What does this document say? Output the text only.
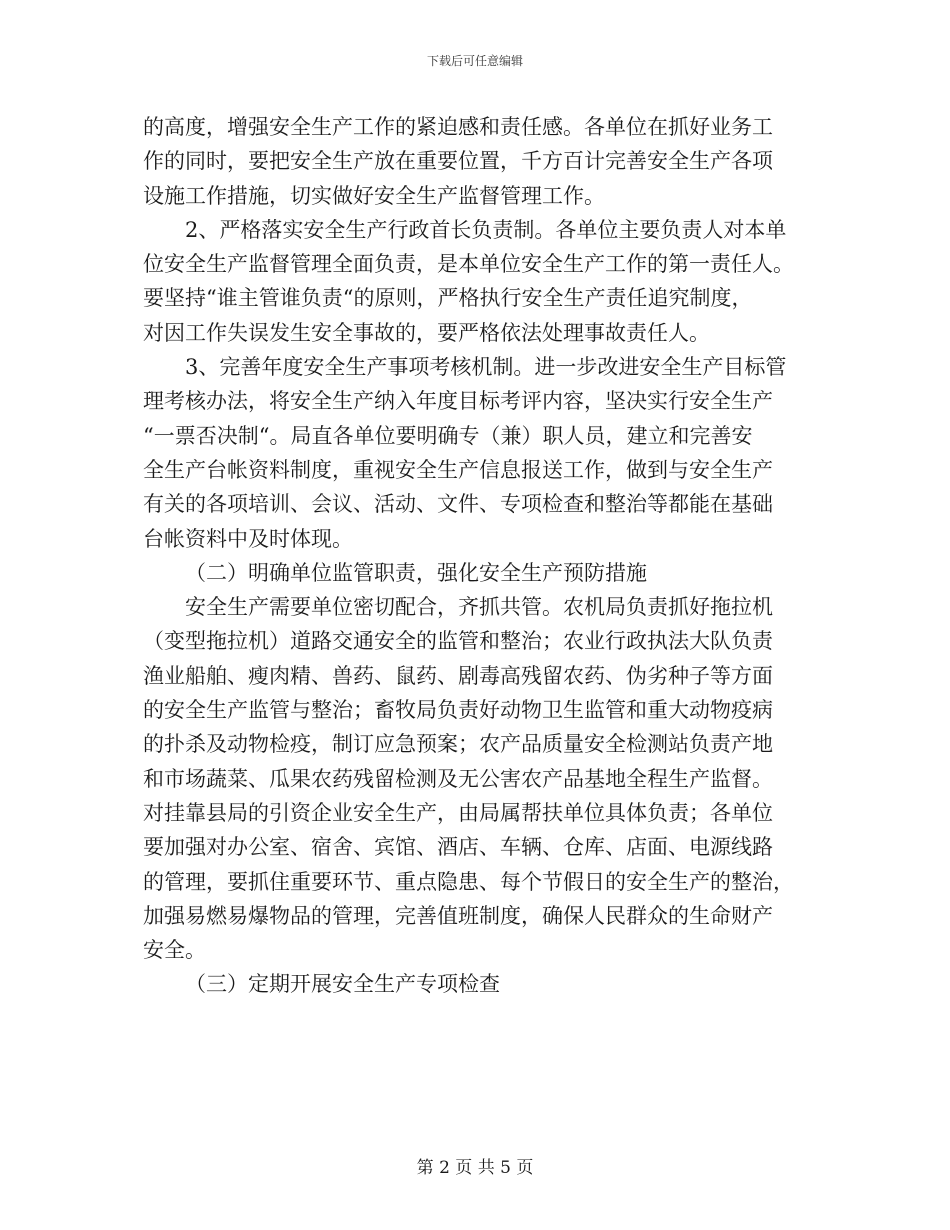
下载后可任意编辑
的高度，增强安全生产工作的紧迫感和责任感。各单位在抓好业务工
作的同时，要把安全生产放在重要位置，千方百计完善安全生产各项
设施工作措施，切实做好安全生产监督管理工作。
2、严格落实安全生产行政首长负责制。各单位主要负责人对本单
位安全生产监督管理全面负责，是本单位安全生产工作的第一责任人。
要坚持“谁主管谁负责“的原则，严格执行安全生产责任追究制度，
对因工作失误发生安全事故的，要严格依法处理事故责任人。
3、完善年度安全生产事项考核机制。进一步改进安全生产目标管
理考核办法，将安全生产纳入年度目标考评内容，坚决实行安全生产
“一票否决制“。局直各单位要明确专（兼）职人员，建立和完善安
全生产台帐资料制度，重视安全生产信息报送工作，做到与安全生产
有关的各项培训、会议、活动、文件、专项检查和整治等都能在基础
台帐资料中及时体现。
（二）明确单位监管职责，强化安全生产预防措施
安全生产需要单位密切配合，齐抓共管。农机局负责抓好拖拉机
（变型拖拉机）道路交通安全的监管和整治；农业行政执法大队负责
渔业船舶、瘦肉精、兽药、鼠药、剧毒高残留农药、伪劣种子等方面
的安全生产监管与整治；畜牧局负责好动物卫生监管和重大动物疫病
的扑杀及动物检疫，制订应急预案；农产品质量安全检测站负责产地
和市场蔬菜、瓜果农药残留检测及无公害农产品基地全程生产监督。
对挂靠县局的引资企业安全生产，由局属帮扶单位具体负责；各单位
要加强对办公室、宿舍、宾馆、酒店、车辆、仓库、店面、电源线路
的管理，要抓住重要环节、重点隐患、每个节假日的安全生产的整治，
加强易燃易爆物品的管理，完善值班制度，确保人民群众的生命财产
安全。
（三）定期开展安全生产专项检查
第 2 页 共 5 页
